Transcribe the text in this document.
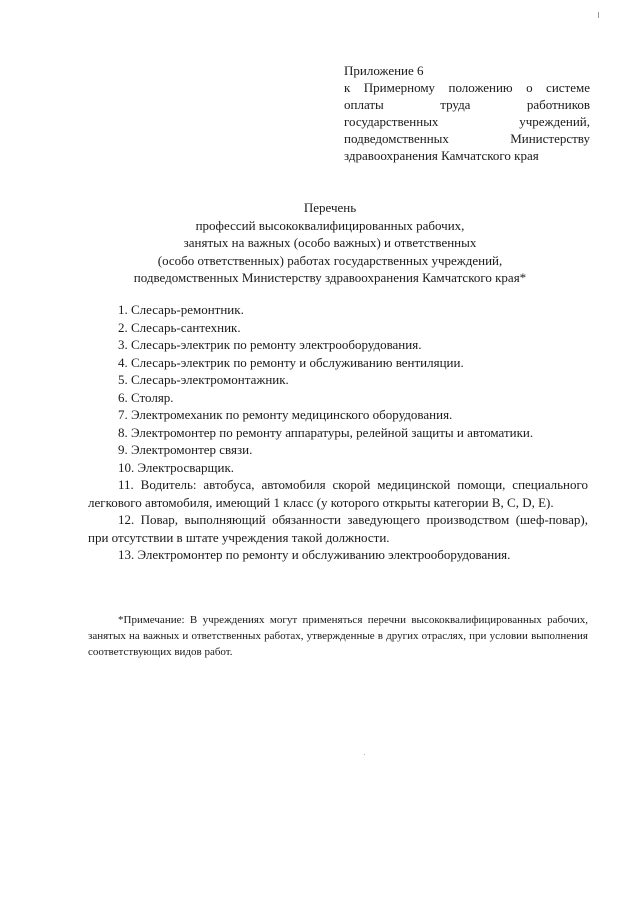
Приложение 6
к Примерному положению о системе
оплаты труда работников
государственных учреждений,
подведомственных Министерству
здравоохранения Камчатского края
Перечень
профессий высококвалифицированных рабочих,
занятых на важных (особо важных) и ответственных
(особо ответственных) работах государственных учреждений,
подведомственных Министерству здравоохранения Камчатского края*

1. Слесарь-ремонтник.

2. Слесарь-сантехник.

3. Слесарь-электрик по ремонту электрооборудования.

4. Слесарь-электрик по ремонту и обслуживанию вентиляции.

5. Слесарь-электромонтажник.

6. Столяр.

7. Электромеханик по ремонту медицинского оборудования.

8. Электромонтер по ремонту аппаратуры, релейной защиты и автоматики.

9. Электромонтер связи.

10. Электросварщик.

11. Водитель: автобуса, автомобиля скорой медицинской помощи, специального легкового автомобиля, имеющий 1 класс (у которого открыты категории B, C, D, E).

12. Повар, выполняющий обязанности заведующего производством (шеф-повар), при отсутствии в штате учреждения такой должности.

13. Электромонтер по ремонту и обслуживанию электрооборудования.

*Примечание: В учреждениях могут применяться перечни высококвалифицированных рабочих, занятых на важных и ответственных работах, утвержденные в других отраслях, при условии выполнения соответствующих видов работ.
